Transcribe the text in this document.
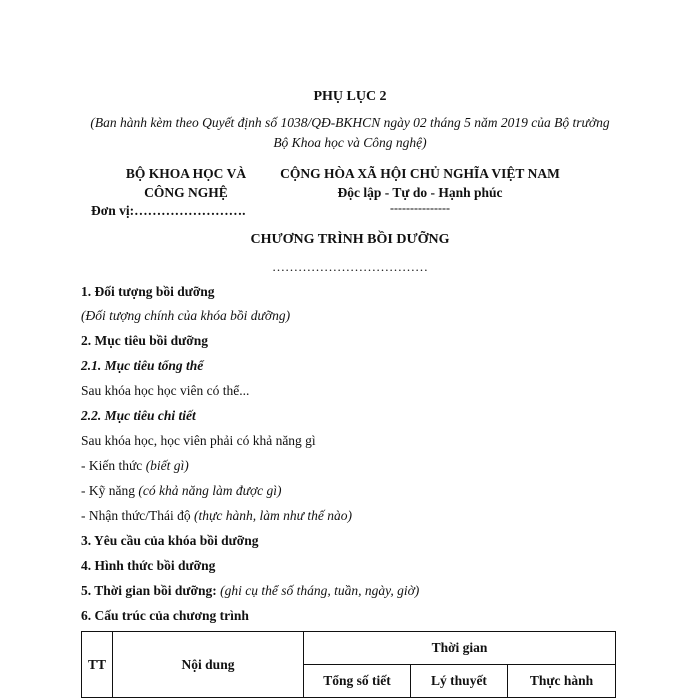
PHỤ LỤC 2
(Ban hành kèm theo Quyết định số 1038/QĐ-BKHCN ngày 02 tháng 5 năm 2019 của Bộ trưởng
Bộ Khoa học và Công nghệ)
BỘ KHOA HỌC VÀ
CÔNG NGHỆ
Đơn vị:…………………….
CỘNG HÒA XÃ HỘI CHỦ NGHĨA VIỆT NAM
Độc lập - Tự do - Hạnh phúc
---------------
CHƯƠNG TRÌNH BỒI DƯỠNG
………………………………
1. Đối tượng bồi dưỡng
(Đối tượng chính của khóa bồi dưỡng)
2. Mục tiêu bồi dưỡng
2.1. Mục tiêu tổng thể
Sau khóa học học viên có thể...
2.2. Mục tiêu chi tiết
Sau khóa học, học viên phải có khả năng gì
- Kiến thức (biết gì)
- Kỹ năng (có khả năng làm được gì)
- Nhận thức/Thái độ (thực hành, làm như thế nào)
3. Yêu cầu của khóa bồi dưỡng
4. Hình thức bồi dưỡng
5. Thời gian bồi dưỡng: (ghi cụ thể số tháng, tuần, ngày, giờ)
6. Cấu trúc của chương trình
TT	Nội dung	Thời gian		
		Tổng số tiết	Lý thuyết	Thực hành
